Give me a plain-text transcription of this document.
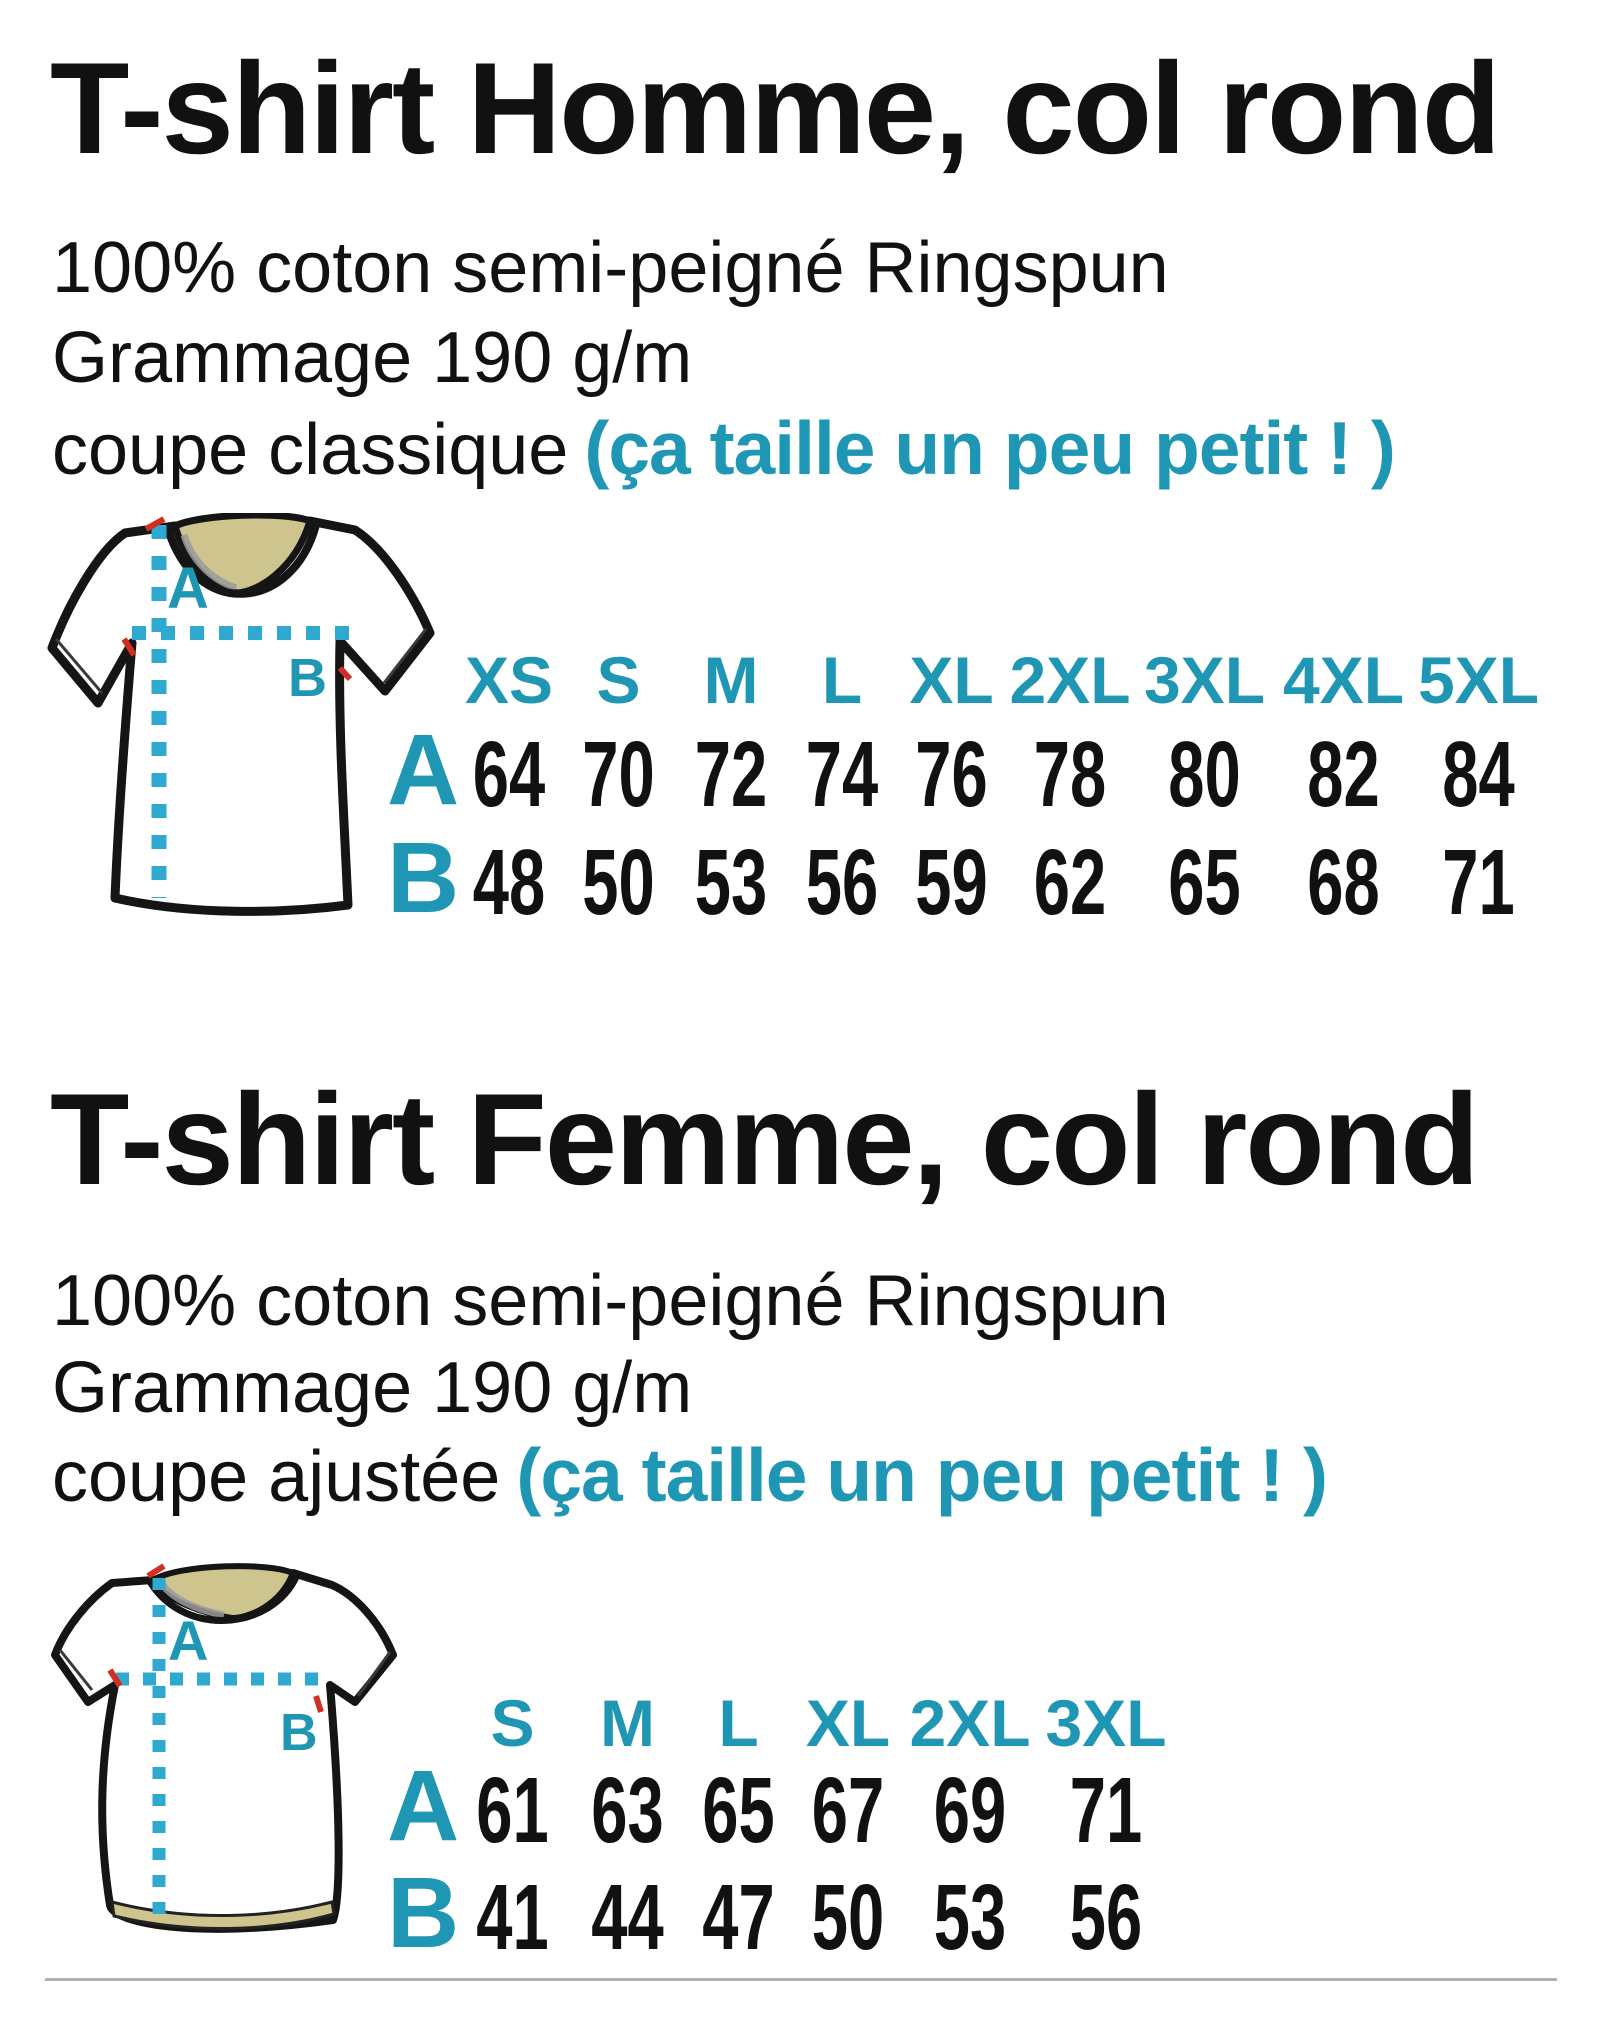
T-shirt Homme, col rond
100% coton semi-peigné Ringspun
Grammage 190 g/m
coupe classique (ça taille un peu petit ! )
A
B XS S M L XL 2XL 3XL 4XL 5XL
A 64 70 72 74 76 78 80 82 84
B 48 50 53 56 59 62 65 68 71
T-shirt Femme, col rond
100% coton semi-peigné Ringspun
Grammage 190 g/m
coupe ajustée (ça taille un peu petit ! )
A
B	S M L XL 2XL 3XL
A 61 63 65 67 69 71
B 41 44 47 50 53 56
